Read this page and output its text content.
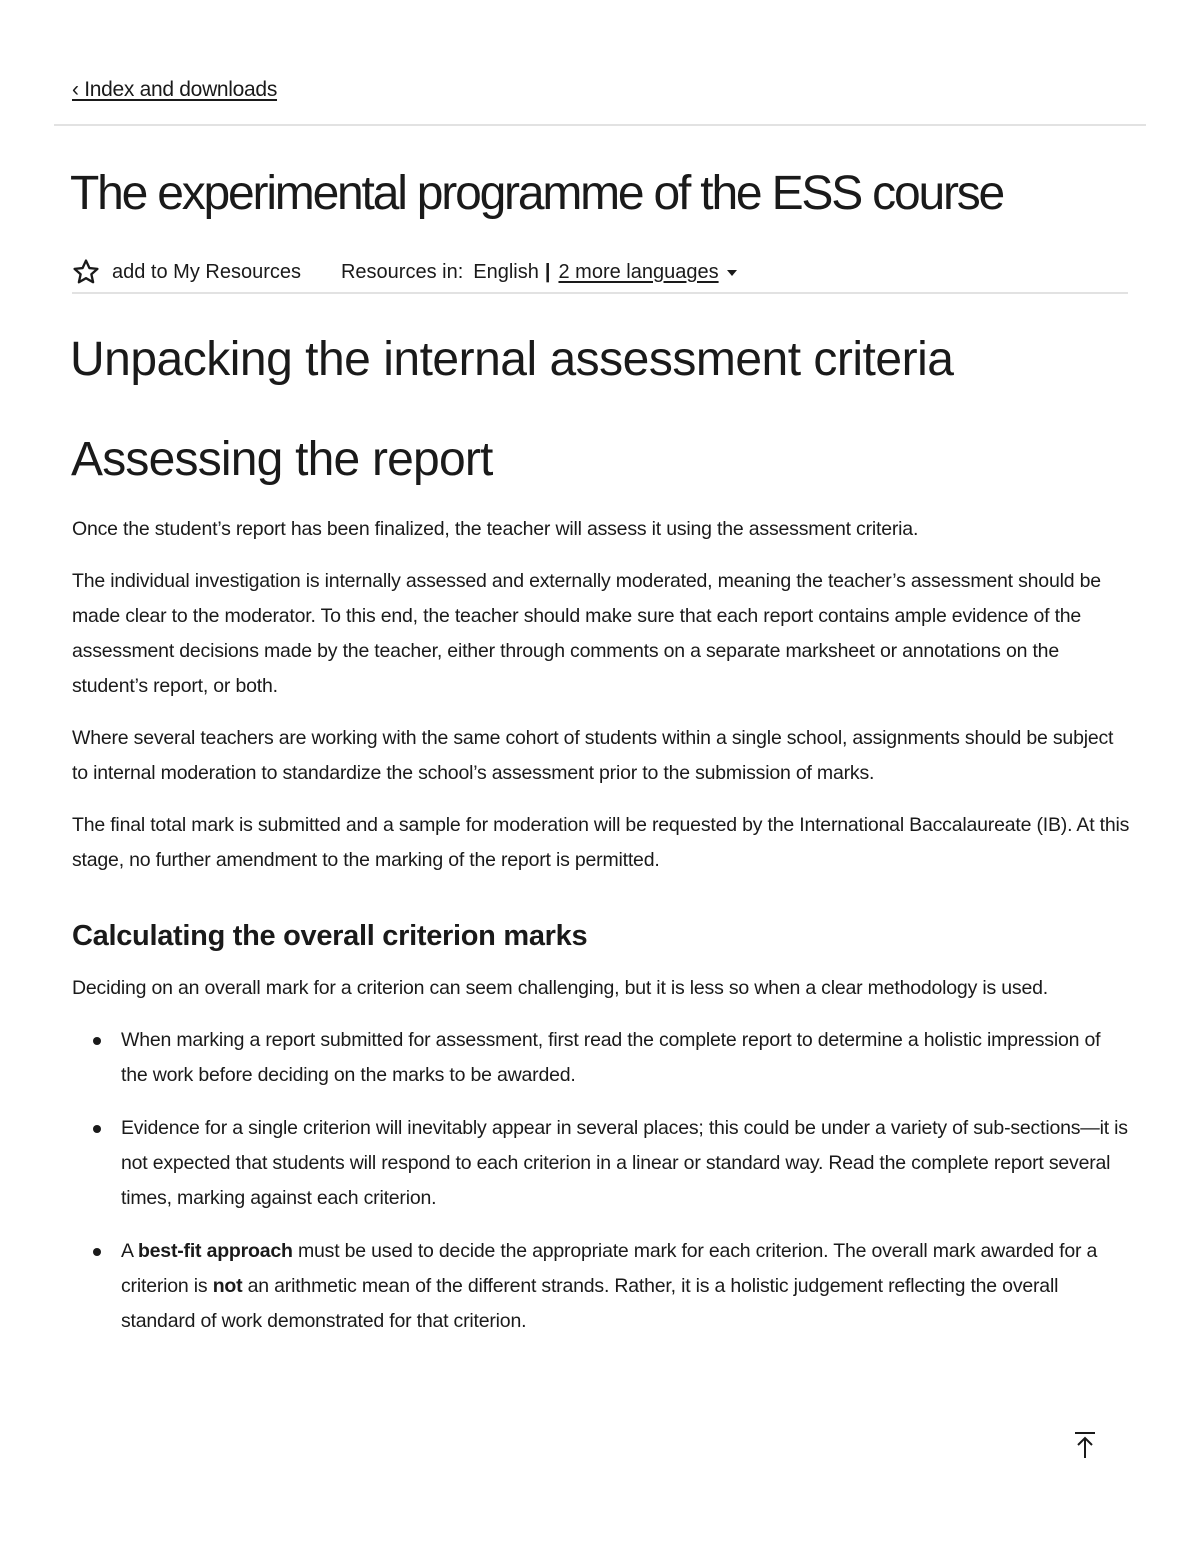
‹ Index and downloads
The experimental programme of the ESS course
add to My Resources Resources in: English | 2 more languages
Unpacking the internal assessment criteria
Assessing the report

Once the student’s report has been finalized, the teacher will assess it using the assessment criteria.

The individual investigation is internally assessed and externally moderated, meaning the teacher’s assessment should be made clear to the moderator. To this end, the teacher should make sure that each report contains ample evidence of the assessment decisions made by the teacher, either through comments on a separate marksheet or annotations on the student’s report, or both.

Where several teachers are working with the same cohort of students within a single school, assignments should be subject to internal moderation to standardize the school’s assessment prior to the submission of marks.

The final total mark is submitted and a sample for moderation will be requested by the International Baccalaureate (IB). At this stage, no further amendment to the marking of the report is permitted.

Calculating the overall criterion marks

Deciding on an overall mark for a criterion can seem challenging, but it is less so when a clear methodology is used.

When marking a report submitted for assessment, first read the complete report to determine a holistic impression of the work before deciding on the marks to be awarded.
Evidence for a single criterion will inevitably appear in several places; this could be under a variety of sub-sections—it is not expected that students will respond to each criterion in a linear or standard way. Read the complete report several times, marking against each criterion.
A best-fit approach must be used to decide the appropriate mark for each criterion. The overall mark awarded for a criterion is not an arithmetic mean of the different strands. Rather, it is a holistic judgement reflecting the overall standard of work demonstrated for that criterion.
